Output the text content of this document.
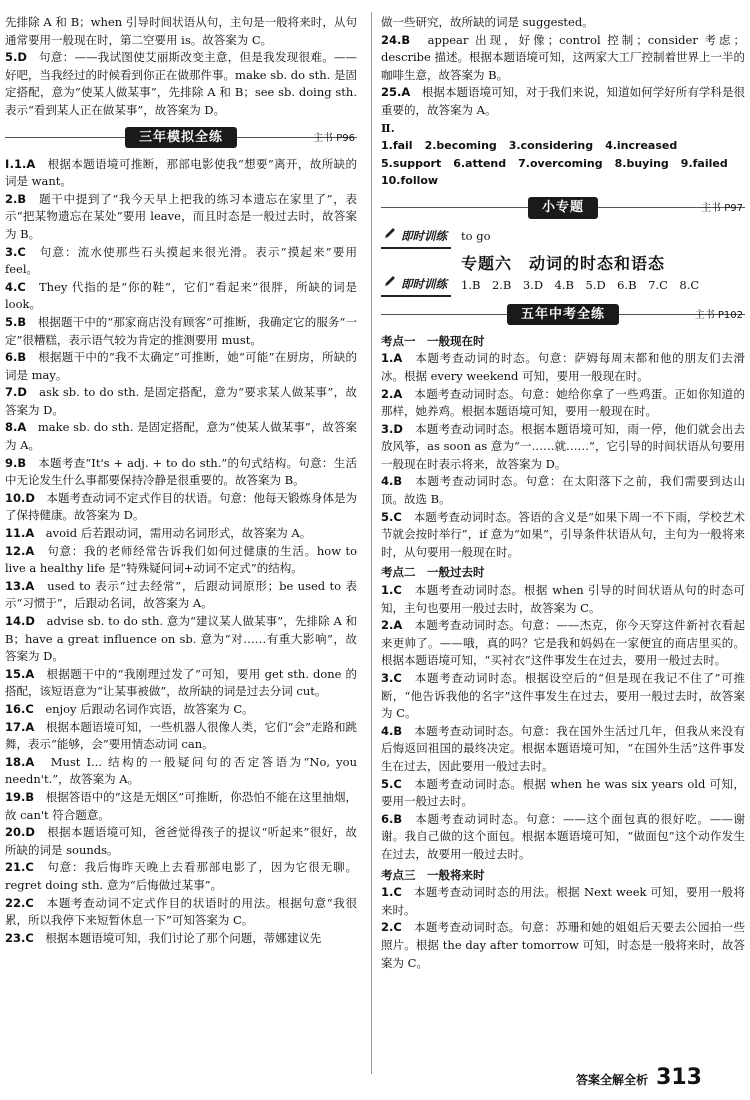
先排除 A 和 B；when 引导时间状语从句，主句是一般将来时，从句通常要用一般现在时，第二空要用 is。故答案为 C。

5.D　 句意：——我试图使艾丽斯改变主意，但是我发现很难。——好吧，当我经过的时候看到你正在做那件事。make sb. do sth. 是固定搭配，意为“使某人做某事”，先排除 A 和 B；see sb. doing sth. 表示“看到某人正在做某事”，故答案为 D。

三年模拟全练	主书 P96

Ⅰ.1.A　 根据本题语境可推断，那部电影使我“想要”离开，故所缺的词是 want。

2.B　 题干中提到了“我今天早上把我的练习本遗忘在家里了”，表示“把某物遗忘在某处”要用 leave，而且时态是一般过去时，故答案为 B。

3.C　 句意：流水使那些石头摸起来很光滑。表示“摸起来”要用 feel。

4.C　 They 代指的是“你的鞋”，它们“看起来”很胖，所缺的词是 look。

5.B　 根据题干中的“那家商店没有顾客”可推断，我确定它的服务“一定”很糟糕，表示语气较为肯定的推测要用 must。

6.B　 根据题干中的“我不太确定”可推断，她“可能”在厨房，所缺的词是 may。

7.D　 ask sb. to do sth. 是固定搭配，意为“要求某人做某事”，故答案为 D。

8.A　 make sb. do sth. 是固定搭配，意为“使某人做某事”，故答案为 A。

9.B　 本题考查“It's + adj. + to do sth.”的句式结构。句意：生活中无论发生什么事都要保持冷静是很重要的。故答案为 B。

10.D　 本题考查动词不定式作目的状语。句意：他每天锻炼身体是为了保持健康。故答案为 D。

11.A　 avoid 后若跟动词，需用动名词形式，故答案为 A。

12.A　 句意：我的老师经常告诉我们如何过健康的生活。how to live a healthy life 是“特殊疑问词+动词不定式”的结构。

13.A　 used to 表示“过去经常”，后跟动词原形；be used to 表示“习惯于”，后跟动名词，故答案为 A。

14.D　 advise sb. to do sth. 意为“建议某人做某事”，先排除 A 和 B；have a great influence on sb. 意为“对……有重大影响”，故答案为 D。

15.A　 根据题干中的“我刚理过发了”可知，要用 get sth. done 的搭配，该短语意为“让某事被做”，故所缺的词是过去分词 cut。

16.C　 enjoy 后跟动名词作宾语，故答案为 C。

17.A　 根据本题语境可知，一些机器人很像人类，它们“会”走路和跳舞，表示“能够，会”要用情态动词 can。

18.A　 Must I... 结构的一般疑问句的否定答语为“No, you needn't.”，故答案为 A。

19.B　 根据答语中的“这是无烟区”可推断，你恐怕不能在这里抽烟，故 can't 符合题意。

20.D　 根据本题语境可知，爸爸觉得孩子的提议“听起来”很好，故所缺的词是 sounds。

21.C　 句意：我后悔昨天晚上去看那部电影了，因为它很无聊。regret doing sth. 意为“后悔做过某事”。

22.C　 本题考查动词不定式作目的状语时的用法。根据句意“我很累，所以我停下来短暂休息一下”可知答案为 C。

23.C　 根据本题语境可知，我们讨论了那个问题，蒂娜建议先

做一些研究，故所缺的词是 suggested。

24.B　 appear 出现，好像；control 控制；consider 考虑；describe 描述。根据本题语境可知，这两家大工厂控制着世界上一半的咖啡生意，故答案为 B。

25.A　 根据本题语境可知，对于我们来说，知道如何学好所有学科是很重要的，故答案为 A。

Ⅱ.
1.fail 2.becoming 3.considering 4.increased
5.support 6.attend 7.overcoming 8.buying 9.failed
10.follow
小专题	主书 P97
即时训练	to go
专题六　动词的时态和语态
即时训练	1.B　2.B　3.D　4.B　5.D　6.B　7.C　8.C
五年中考全练	主书 P102
考点一　一般现在时

1.A　 本题考查动词的时态。句意：萨姆每周末都和他的朋友们去滑冰。根据 every weekend 可知，要用一般现在时。

2.A　 本题考查动词时态。句意：她给你拿了一些鸡蛋。正如你知道的那样，她养鸡。根据本题语境可知，要用一般现在时。

3.D　 本题考查动词时态。根据本题语境可知，雨一停，他们就会出去放风筝，as soon as 意为“一……就……”，它引导的时间状语从句要用一般现在时表示将来，故答案为 D。

4.B　 本题考查动词时态。句意：在太阳落下之前，我们需要到达山顶。故选 B。

5.C　 本题考查动词时态。答语的含义是“如果下周一不下雨，学校艺术节就会按时举行”，if 意为“如果”，引导条件状语从句，主句为一般将来时，从句要用一般现在时。

考点二　一般过去时

1.C　 本题考查动词时态。根据 when 引导的时间状语从句的时态可知，主句也要用一般过去时，故答案为 C。

2.A　 本题考查动词时态。句意：——杰克，你今天穿这件新衬衣看起来更帅了。——哦，真的吗？它是我和妈妈在一家便宜的商店里买的。根据本题语境可知，“买衬衣”这件事发生在过去，要用一般过去时。

3.C　 本题考查动词时态。根据设空后的“但是现在我记不住了”可推断，“他告诉我他的名字”这件事发生在过去，要用一般过去时，故答案为 C。

4.B　 本题考查动词时态。句意：我在国外生活过几年，但我从来没有后悔返回祖国的最终决定。根据本题语境可知，“在国外生活”这件事发生在过去，因此要用一般过去时。

5.C　 本题考查动词时态。根据 when he was six years old 可知，要用一般过去时。

6.B　 本题考查动词时态。句意：——这个面包真的很好吃。——谢谢。我自己做的这个面包。根据本题语境可知，“做面包”这个动作发生在过去，故要用一般过去时。

考点三　一般将来时

1.C　 本题考查动词时态的用法。根据 Next week 可知，要用一般将来时。

2.C　 本题考查动词时态。句意：苏珊和她的姐姐后天要去公园拍一些照片。根据 the day after tomorrow 可知，时态是一般将来时，故答案为 C。

答案全解全析 313
